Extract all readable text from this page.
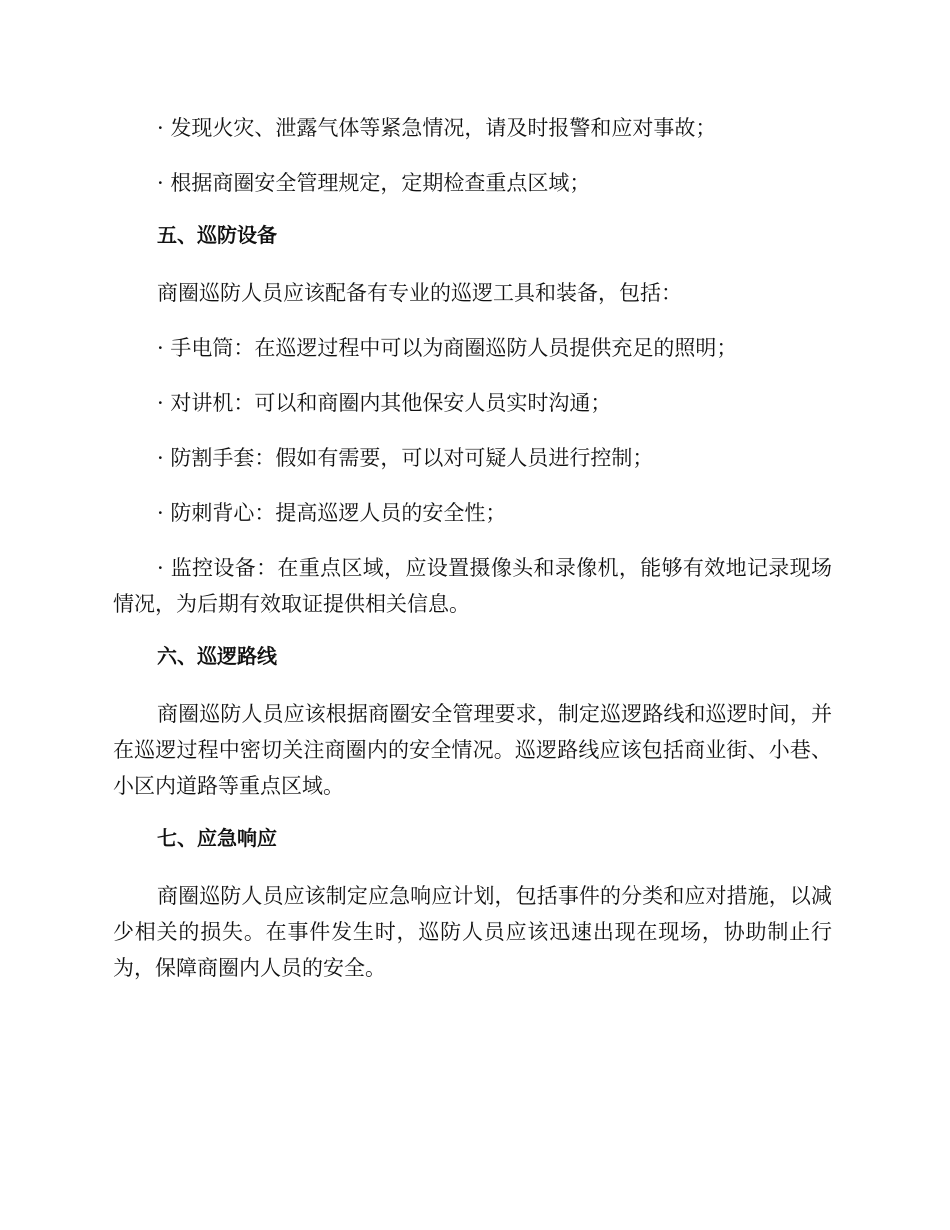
· 发现火灾、泄露气体等紧急情况，请及时报警和应对事故；

· 根据商圈安全管理规定，定期检查重点区域；

五、巡防设备

商圈巡防人员应该配备有专业的巡逻工具和装备，包括：

· 手电筒：在巡逻过程中可以为商圈巡防人员提供充足的照明；

· 对讲机：可以和商圈内其他保安人员实时沟通；

· 防割手套：假如有需要，可以对可疑人员进行控制；

· 防刺背心：提高巡逻人员的安全性；

· 监控设备：在重点区域，应设置摄像头和录像机，能够有效地记录现场情况，为后期有效取证提供相关信息。

六、巡逻路线

商圈巡防人员应该根据商圈安全管理要求，制定巡逻路线和巡逻时间，并在巡逻过程中密切关注商圈内的安全情况。巡逻路线应该包括商业街、小巷、小区内道路等重点区域。

七、应急响应

商圈巡防人员应该制定应急响应计划，包括事件的分类和应对措施，以减少相关的损失。在事件发生时，巡防人员应该迅速出现在现场，协助制止行为，保障商圈内人员的安全。
